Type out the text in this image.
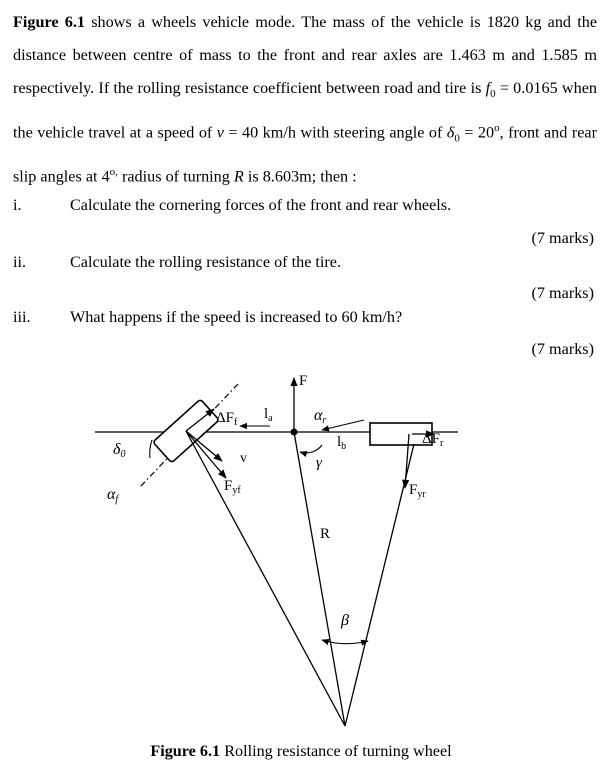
Figure 6.1 shows a wheels vehicle mode. The mass of the vehicle is 1820 kg and the distance between centre of mass to the front and rear axles are 1.463 m and 1.585 m respectively. If the rolling resistance coefficient between road and tire is $f_0 = 0.0165$ when the vehicle travel at a speed of v = 40 km/h with steering angle of $\delta_0 = 20^o$, front and rear slip angles at $4^{o,}$ radius of turning R is 8.603m; then :

i.	Calculate the cornering forces of the front and rear wheels.
(7 marks)
ii.	Calculate the rolling resistance of the tire.
(7 marks)
iii. What happens if the speed is increased to 60 km/h?
(7 marks)
F
$\Delta F_f$
$l_a$	αr
$l_b$	$\Delta F_r$
δ0	v	γ
αf
$F_{yf}$	$F_{yr}$
R
β
Figure 6.1 Rolling resistance of turning wheel
